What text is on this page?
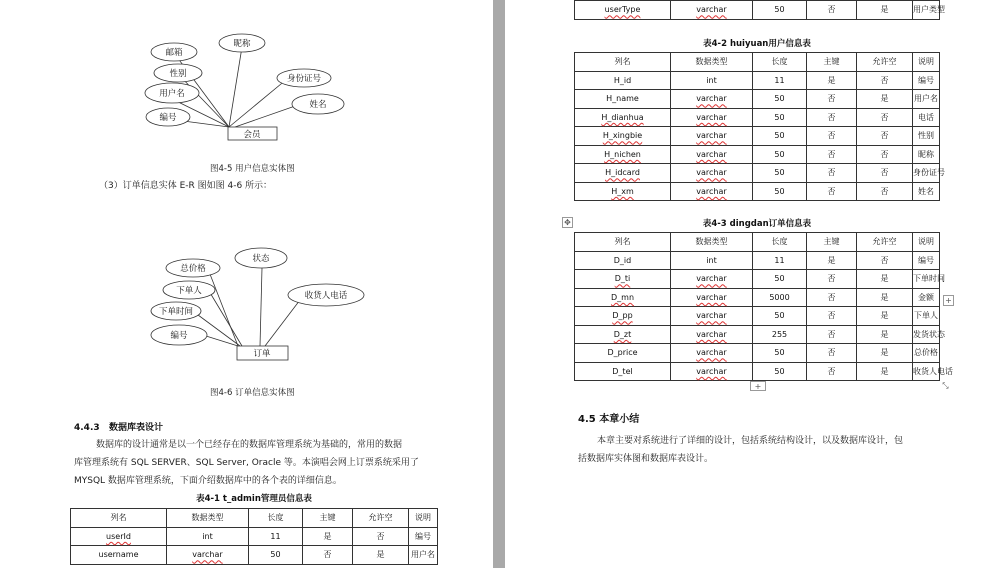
邮箱
昵称
性别	身份证号
用户名
姓名
编号
会员
图4-5 用户信息实体图
（3）订单信息实体 E-R 图如图 4-6 所示：
状态
总价格
收货人电话
下单人
下单时间
编号
订单
图4-6 订单信息实体图
4.4.3 数据库表设计
数据库的设计通常是以一个已经存在的数据库管理系统为基础的，常用的数据
库管理系统有 SQL SERVER、SQL Server, Oracle 等。本演唱会网上订票系统采用了
MYSQL 数据库管理系统，下面介绍数据库中的各个表的详细信息。
表4-1 t_admin管理员信息表
列名	数据类型	长度	主键	允许空	说明
userId	int	11	是	否	编号
username	varchar	50	否	是	用户名
userType	varchar	50	否	是	用户类型
表4-2 huiyuan用户信息表
列名	数据类型	长度	主键	允许空	说明
H_id	int	11	是	否	编号
H_name	varchar	50	否	是	用户名
H_dianhua	varchar	50	否	否	电话
H_xingbie	varchar	50	否	否	性别
H_nichen	varchar	50	否	否	昵称
H_idcard	varchar	50	否	否	身份证号
H_xm	varchar	50	否	否	姓名
✥	表4-3 dingdan订单信息表
列名	数据类型	长度	主键	允许空	说明
D_id	int	11	是	否	编号
D_ti	varchar	50	否	是	下单时间
D_mn	varchar	5000	否	是	金额
D_pp	varchar	50	否	是	下单人
D_zt	varchar	255	否	是	发货状态
D_price	varchar	50	否	是	总价格
D_tel	varchar	50	否	是	收货人电话
+
+	⤡
4.5 本章小结
本章主要对系统进行了详细的设计，包括系统结构设计，以及数据库设计，包
括数据库实体图和数据库表设计。
